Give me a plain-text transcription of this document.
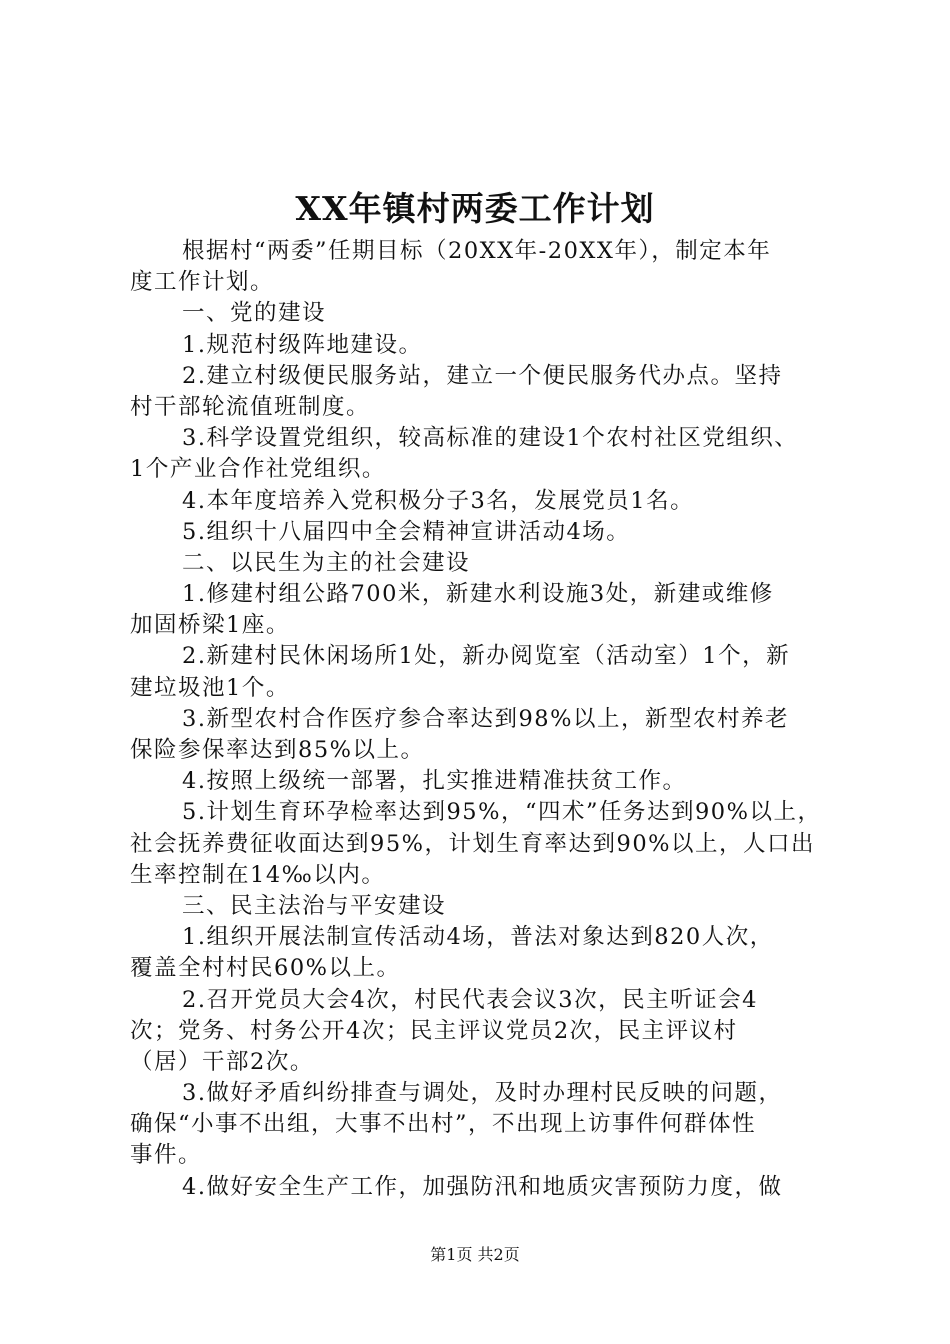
XX年镇村两委工作计划
根据村“两委”任期目标（20XX年-20XX年），制定本年
度工作计划。
一、党的建设
1.规范村级阵地建设。
2.建立村级便民服务站，建立一个便民服务代办点。坚持
村干部轮流值班制度。
3.科学设置党组织，较高标准的建设1个农村社区党组织、
1个产业合作社党组织。
4.本年度培养入党积极分子3名，发展党员1名。
5.组织十八届四中全会精神宣讲活动4场。
二、以民生为主的社会建设
1.修建村组公路700米，新建水利设施3处，新建或维修
加固桥梁1座。
2.新建村民休闲场所1处，新办阅览室（活动室）1个，新
建垃圾池1个。
3.新型农村合作医疗参合率达到98%以上，新型农村养老
保险参保率达到85%以上。
4.按照上级统一部署，扎实推进精准扶贫工作。
5.计划生育环孕检率达到95%，“四术”任务达到90%以上，
社会抚养费征收面达到95%，计划生育率达到90%以上，人口出
生率控制在14‰以内。
三、民主法治与平安建设
1.组织开展法制宣传活动4场，普法对象达到820人次，
覆盖全村村民60%以上。
2.召开党员大会4次，村民代表会议3次，民主听证会4
次；党务、村务公开4次；民主评议党员2次，民主评议村
（居）干部2次。
3.做好矛盾纠纷排查与调处，及时办理村民反映的问题，
确保“小事不出组，大事不出村”，不出现上访事件何群体性
事件。
4.做好安全生产工作，加强防汛和地质灾害预防力度，做
第1页 共2页
